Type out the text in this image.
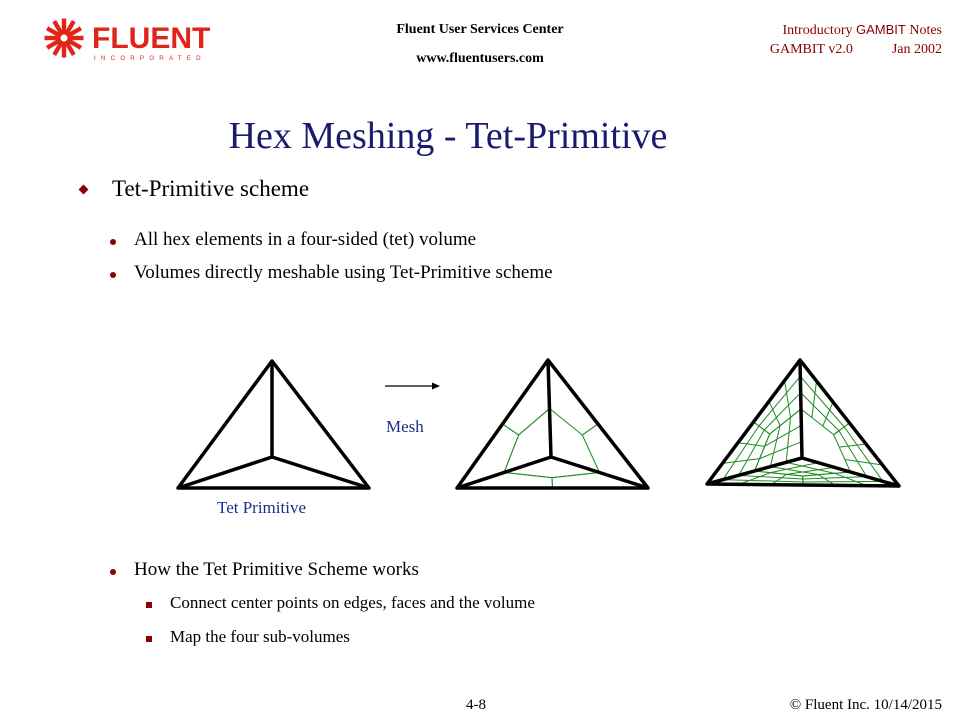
FLUENT
INCORPORATED
Fluent User Services Center
www.fluentusers.com
Introductory GAMBIT Notes
GAMBIT v2.0	Jan 2002
Hex Meshing - Tet-Primitive
Tet-Primitive scheme
All hex elements in a four-sided (tet) volume
Volumes directly meshable using Tet-Primitive scheme
Tet Primitive
Mesh
How the Tet Primitive Scheme works
Connect center points on edges, faces and the volume
Map the four sub-volumes
4-8	© Fluent Inc. 10/14/2015
